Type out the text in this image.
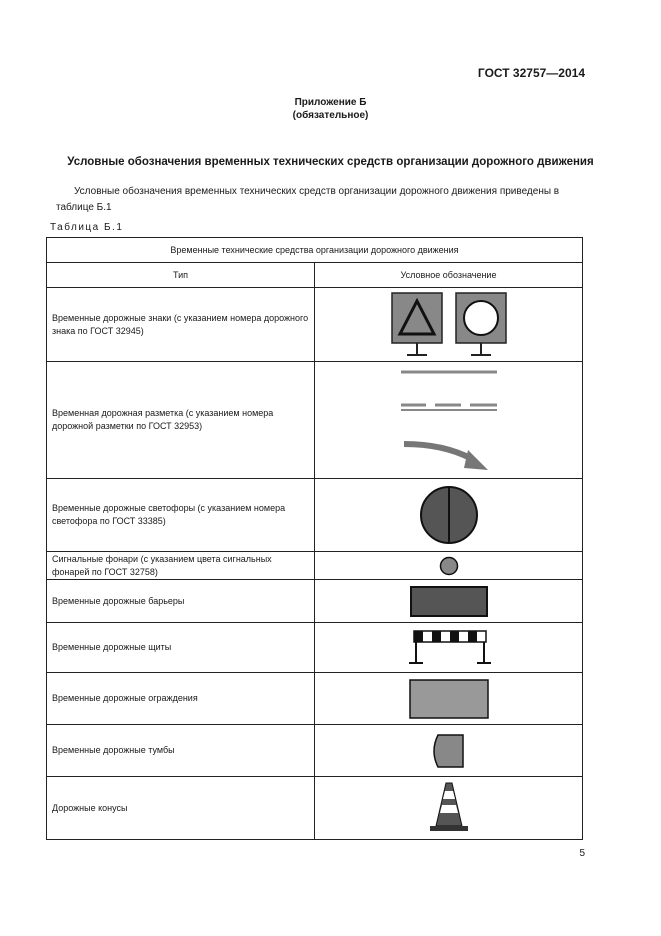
ГОСТ 32757—2014
Приложение Б
(обязательное)
Условные обозначения временных технических средств организации дорожного движения
Условные обозначения временных технических средств организации дорожного движения приведены в таблице Б.1
Таблица Б.1
Временные технические средства организации дорожного движения	
Тип	Условное обозначение
Временные дорожные знаки (с указанием номера дорожного знака по ГОСТ 32945)	

Временная дорожная разметка (с указанием номера дорожной разметки по ГОСТ 32953)	

Временные дорожные светофоры (с указанием номера светофора по ГОСТ 33385)	

Сигнальные фонари (с указанием цвета сигнальных фонарей по ГОСТ 32758)	

Временные дорожные барьеры	

Временные дорожные щиты	

Временные дорожные ограждения	

Временные дорожные тумбы	

Дорожные конусы	
5
